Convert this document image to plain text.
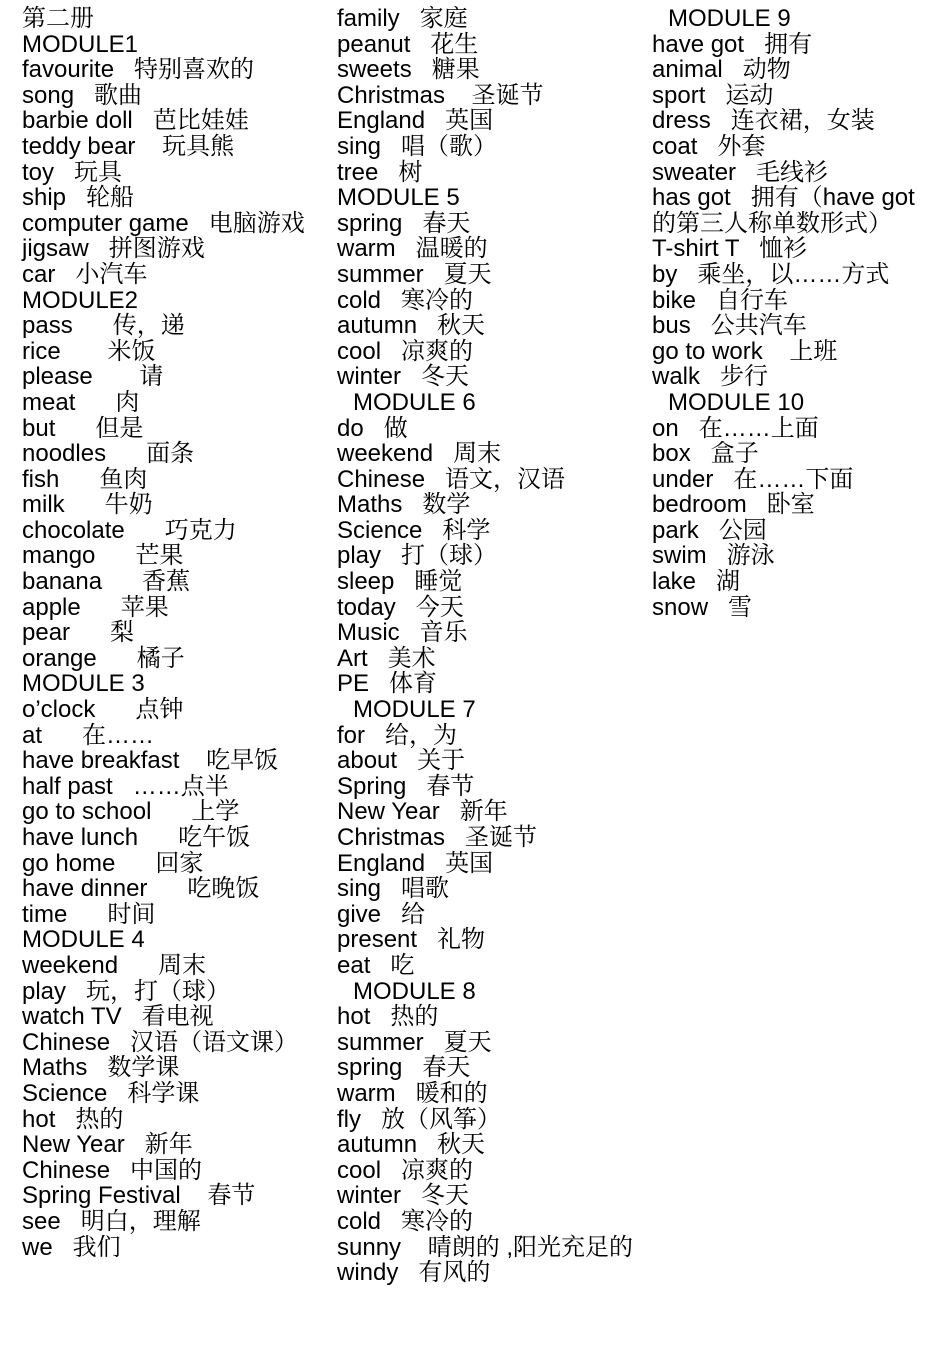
第二册
MODULE1
favourite   特别喜欢的
song   歌曲
barbie doll   芭比娃娃
teddy bear    玩具熊
toy   玩具
ship   轮船
computer game   电脑游戏
jigsaw   拼图游戏
car   小汽车
MODULE2
pass      传，递
rice       米饭
please       请
meat      肉
but      但是
noodles      面条
fish      鱼肉
milk      牛奶
chocolate      巧克力
mango      芒果
banana      香蕉
apple      苹果
pear      梨
orange      橘子
MODULE 3
o’clock      点钟
at      在……
have breakfast    吃早饭
half past   ……点半
go to school      上学
have lunch      吃午饭
go home      回家
have dinner      吃晚饭
time      时间
MODULE 4
weekend      周末
play   玩，打（球）
watch TV   看电视
Chinese   汉语（语文课）
Maths   数学课
Science   科学课
hot   热的
New Year   新年
Chinese   中国的
Spring Festival    春节
see   明白，理解
we   我们
family   家庭
peanut   花生
sweets   糖果
Christmas    圣诞节
England   英国
sing   唱（歌）
tree   树
MODULE 5
spring   春天
warm   温暖的
summer   夏天
cold   寒冷的
autumn   秋天
cool   凉爽的
winter   冬天
MODULE 6
do   做
weekend   周末
Chinese   语文，汉语
Maths   数学
Science   科学
play   打（球）
sleep   睡觉
today   今天
Music   音乐
Art   美术
PE   体育
MODULE 7
for   给，为
about   关于
Spring   春节
New Year   新年
Christmas   圣诞节
England   英国
sing   唱歌
give   给
present   礼物
eat   吃
MODULE 8
hot   热的
summer   夏天
spring   春天
warm   暖和的
fly   放（风筝）
autumn   秋天
cool   凉爽的
winter   冬天
cold   寒冷的
sunny    晴朗的 ,阳光充足的
windy   有风的
MODULE 9
have got   拥有
animal   动物
sport   运动
dress   连衣裙，女装
coat   外套
sweater   毛线衫
has got   拥有（have got 的第三人称单数形式）
T-shirt T   恤衫
by   乘坐，以……方式
bike   自行车
bus   公共汽车
go to work    上班
walk   步行
MODULE 10
on   在……上面
box   盒子
under   在……下面
bedroom   卧室
park   公园
swim   游泳
lake   湖
snow   雪
